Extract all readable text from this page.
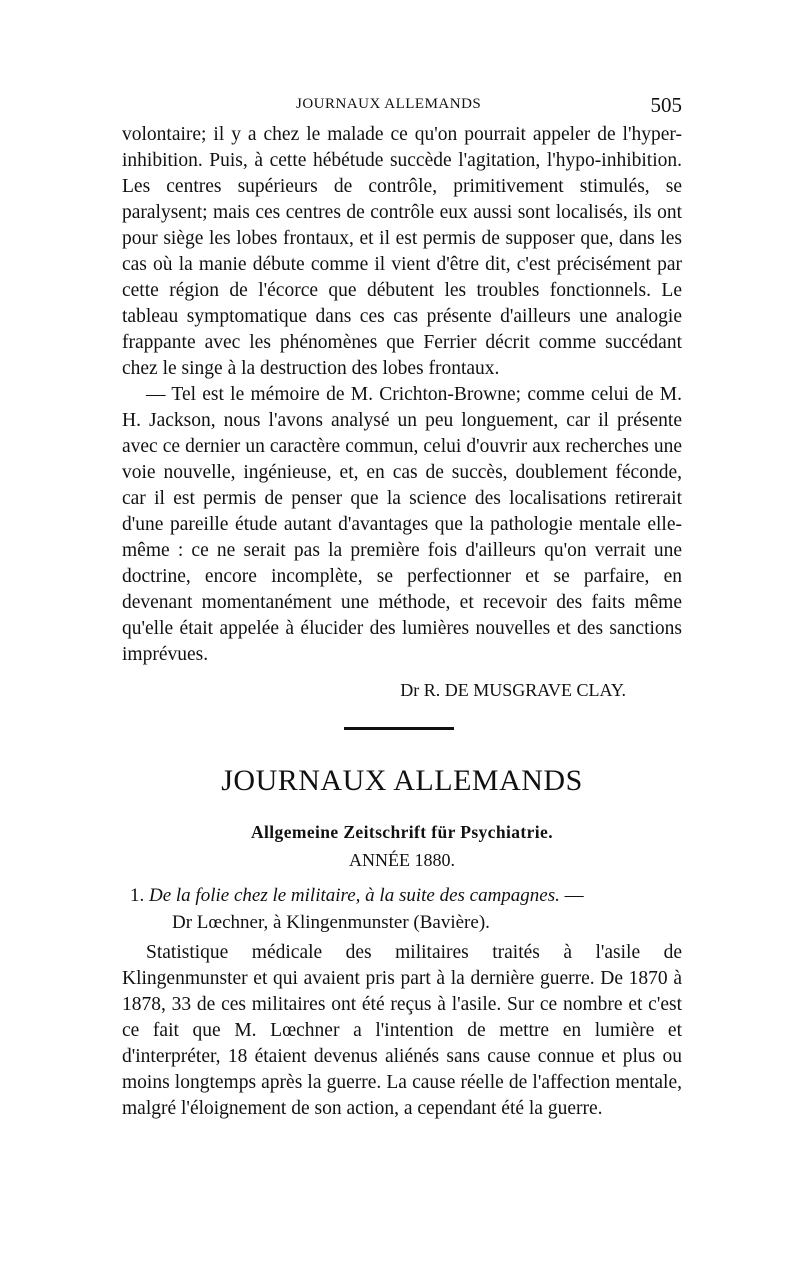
JOURNAUX ALLEMANDS	505

volontaire; il y a chez le malade ce qu'on pourrait appeler de l'hyper-inhibition. Puis, à cette hébétude succède l'agitation, l'hypo-inhibition. Les centres supérieurs de contrôle, primitivement stimulés, se paralysent; mais ces centres de contrôle eux aussi sont localisés, ils ont pour siège les lobes frontaux, et il est permis de supposer que, dans les cas où la manie débute comme il vient d'être dit, c'est précisément par cette région de l'écorce que débutent les troubles fonctionnels. Le tableau symptomatique dans ces cas présente d'ailleurs une analogie frappante avec les phénomènes que Ferrier décrit comme succédant chez le singe à la destruction des lobes frontaux.

— Tel est le mémoire de M. Crichton-Browne; comme celui de M. H. Jackson, nous l'avons analysé un peu longuement, car il présente avec ce dernier un caractère commun, celui d'ouvrir aux recherches une voie nouvelle, ingénieuse, et, en cas de succès, doublement féconde, car il est permis de penser que la science des localisations retirerait d'une pareille étude autant d'avantages que la pathologie mentale elle-même : ce ne serait pas la première fois d'ailleurs qu'on verrait une doctrine, encore incomplète, se perfectionner et se parfaire, en devenant momentanément une méthode, et recevoir des faits même qu'elle était appelée à élucider des lumières nouvelles et des sanctions imprévues.

Dr R. DE MUSGRAVE CLAY.
JOURNAUX ALLEMANDS
Allgemeine Zeitschrift für Psychiatrie.
ANNÉE 1880.
1. De la folie chez le militaire, à la suite des campagnes. —
Dr Lœchner, à Klingenmunster (Bavière).

Statistique médicale des militaires traités à l'asile de Klingenmunster et qui avaient pris part à la dernière guerre. De 1870 à 1878, 33 de ces militaires ont été reçus à l'asile. Sur ce nombre et c'est ce fait que M. Lœchner a l'intention de mettre en lumière et d'interpréter, 18 étaient devenus aliénés sans cause connue et plus ou moins longtemps après la guerre. La cause réelle de l'affection mentale, malgré l'éloignement de son action, a cependant été la guerre.
